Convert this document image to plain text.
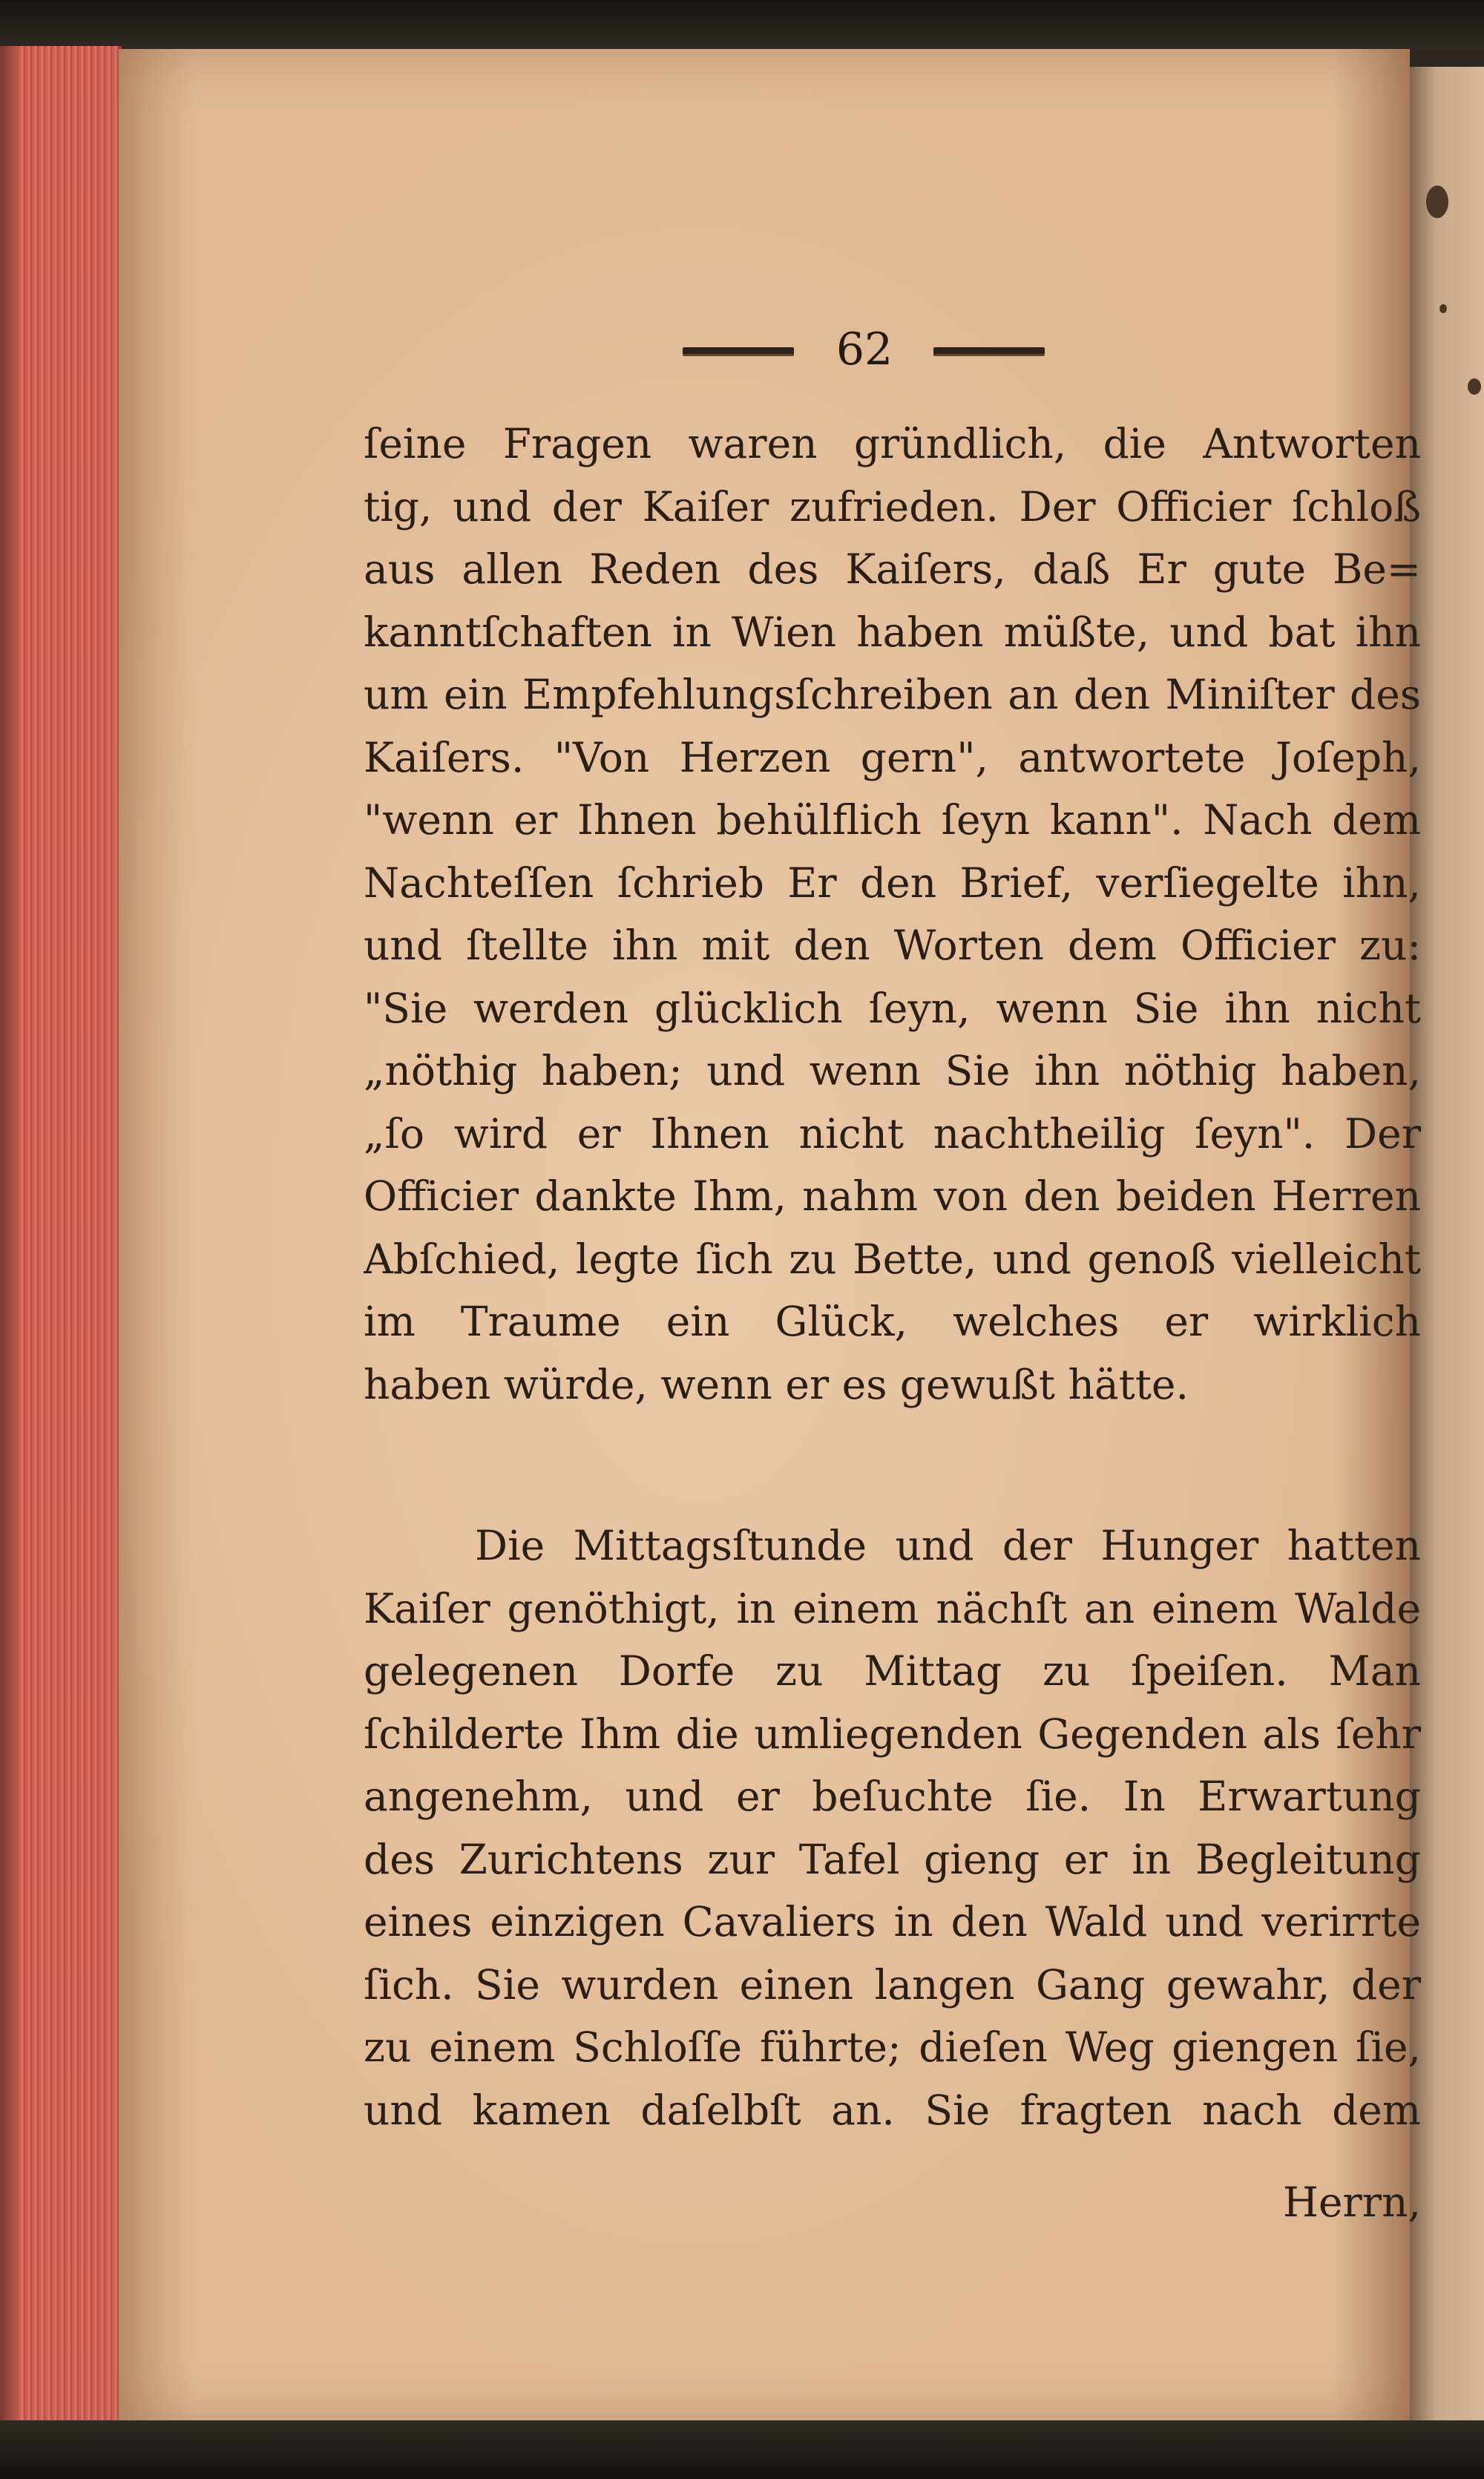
62
ſeine Fragen waren gründlich, die Antworten
tig, und der Kaiſer zufrieden. Der Officier ſchloß
aus allen Reden des Kaiſers, daß Er gute Be=
kanntſchaften in Wien haben müßte, und bat ihn
um ein Empfehlungsſchreiben an den Miniſter des
Kaiſers. "Von Herzen gern", antwortete Joſeph,
"wenn er Ihnen behülflich ſeyn kann". Nach dem
Nachteſſen ſchrieb Er den Brief, verſiegelte ihn,
und ſtellte ihn mit den Worten dem Officier zu:
"Sie werden glücklich ſeyn, wenn Sie ihn nicht
„nöthig haben; und wenn Sie ihn nöthig haben,
„ſo wird er Ihnen nicht nachtheilig ſeyn". Der
Officier dankte Ihm, nahm von den beiden Herren
Abſchied, legte ſich zu Bette, und genoß vielleicht
im Traume ein Glück, welches er wirklich
haben würde, wenn er es gewußt hätte.
Die Mittagsſtunde und der Hunger hatten
Kaiſer genöthigt, in einem nächſt an einem Walde
gelegenen Dorfe zu Mittag zu ſpeiſen. Man
ſchilderte Ihm die umliegenden Gegenden als ſehr
angenehm, und er beſuchte ſie. In Erwartung
des Zurichtens zur Tafel gieng er in Begleitung
eines einzigen Cavaliers in den Wald und verirrte
ſich. Sie wurden einen langen Gang gewahr, der
zu einem Schloſſe führte; dieſen Weg giengen ſie,
und kamen daſelbſt an. Sie fragten nach dem
Herrn,
